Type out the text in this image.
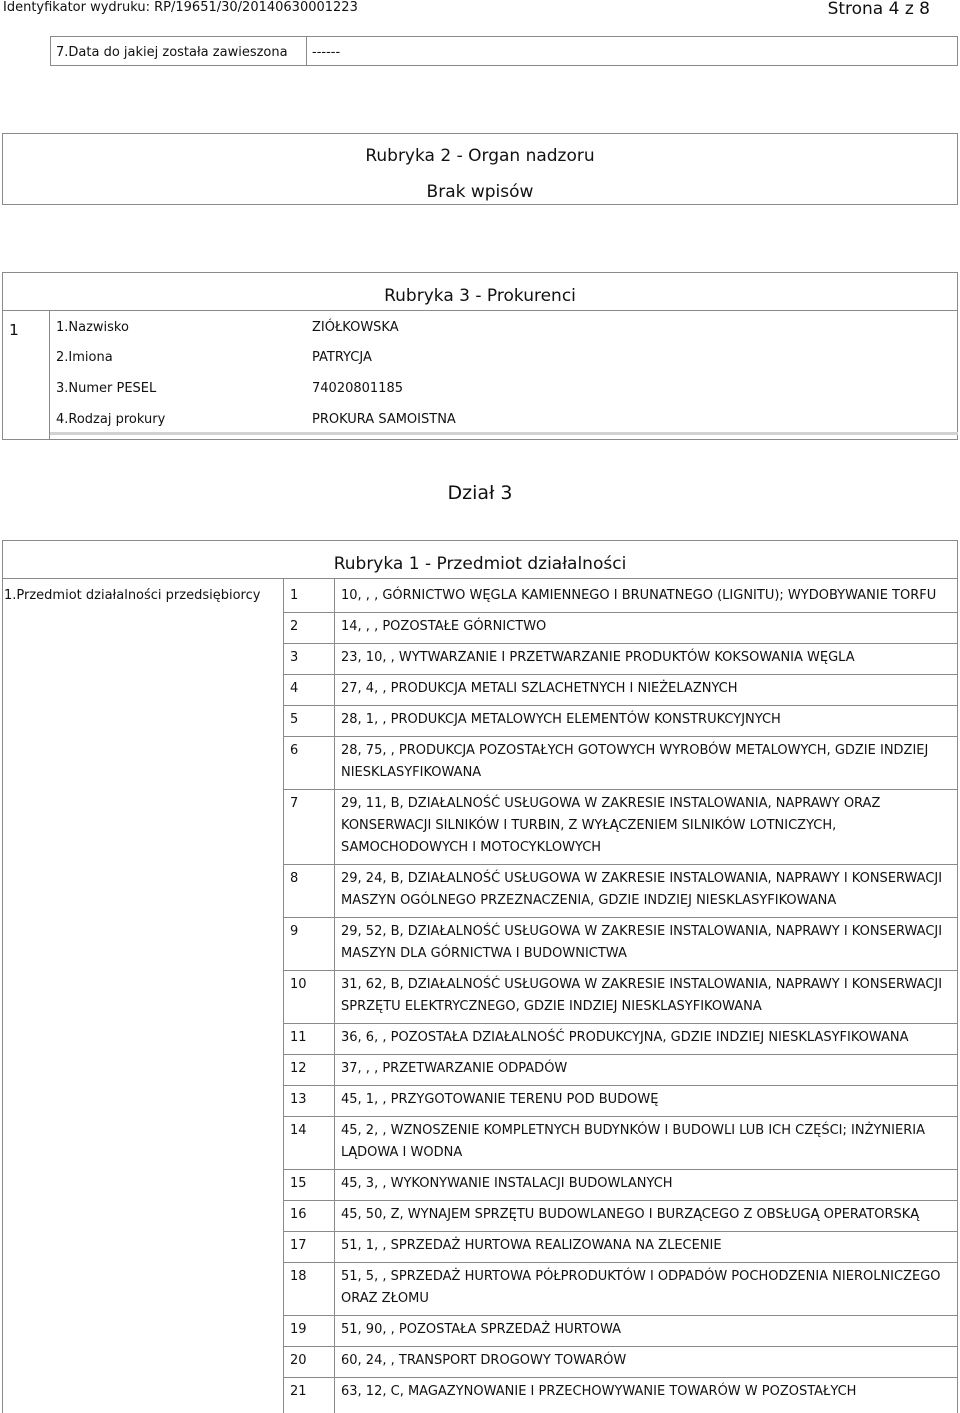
Identyfikator wydruku: RP/19651/30/20140630001223	Strona 4 z 8
7.Data do jakiej została zawieszona ------
Rubryka 2 - Organ nadzoru
Brak wpisów
Rubryka 3 - Prokurenci
1	1.Nazwisko	ZIÓŁKOWSKA
2.Imiona	PATRYCJA
3.Numer PESEL	74020801185
4.Rodzaj prokury	PROKURA SAMOISTNA
Dział 3
Rubryka 1 - Przedmiot działalności
1.Przedmiot działalności przedsiębiorcy 1	10, , , GÓRNICTWO WĘGLA KAMIENNEGO I BRUNATNEGO (LIGNITU); WYDOBYWANIE TORFU
2	14, , , POZOSTAŁE GÓRNICTWO
3	23, 10, , WYTWARZANIE I PRZETWARZANIE PRODUKTÓW KOKSOWANIA WĘGLA
4	27, 4, , PRODUKCJA METALI SZLACHETNYCH I NIEŻELAZNYCH
5	28, 1, , PRODUKCJA METALOWYCH ELEMENTÓW KONSTRUKCYJNYCH
6	28, 75, , PRODUKCJA POZOSTAŁYCH GOTOWYCH WYROBÓW METALOWYCH, GDZIE INDZIEJ
NIESKLASYFIKOWANA
7	29, 11, B, DZIAŁALNOŚĆ USŁUGOWA W ZAKRESIE INSTALOWANIA, NAPRAWY ORAZ
KONSERWACJI SILNIKÓW I TURBIN, Z WYŁĄCZENIEM SILNIKÓW LOTNICZYCH,
SAMOCHODOWYCH I MOTOCYKLOWYCH
8	29, 24, B, DZIAŁALNOŚĆ USŁUGOWA W ZAKRESIE INSTALOWANIA, NAPRAWY I KONSERWACJI
MASZYN OGÓLNEGO PRZEZNACZENIA, GDZIE INDZIEJ NIESKLASYFIKOWANA
9	29, 52, B, DZIAŁALNOŚĆ USŁUGOWA W ZAKRESIE INSTALOWANIA, NAPRAWY I KONSERWACJI
MASZYN DLA GÓRNICTWA I BUDOWNICTWA
10	31, 62, B, DZIAŁALNOŚĆ USŁUGOWA W ZAKRESIE INSTALOWANIA, NAPRAWY I KONSERWACJI
SPRZĘTU ELEKTRYCZNEGO, GDZIE INDZIEJ NIESKLASYFIKOWANA
11	36, 6, , POZOSTAŁA DZIAŁALNOŚĆ PRODUKCYJNA, GDZIE INDZIEJ NIESKLASYFIKOWANA
12	37, , , PRZETWARZANIE ODPADÓW
13	45, 1, , PRZYGOTOWANIE TERENU POD BUDOWĘ
14	45, 2, , WZNOSZENIE KOMPLETNYCH BUDYNKÓW I BUDOWLI LUB ICH CZĘŚCI; INŻYNIERIA
LĄDOWA I WODNA
15	45, 3, , WYKONYWANIE INSTALACJI BUDOWLANYCH
16	45, 50, Z, WYNAJEM SPRZĘTU BUDOWLANEGO I BURZĄCEGO Z OBSŁUGĄ OPERATORSKĄ
17	51, 1, , SPRZEDAŻ HURTOWA REALIZOWANA NA ZLECENIE
18	51, 5, , SPRZEDAŻ HURTOWA PÓŁPRODUKTÓW I ODPADÓW POCHODZENIA NIEROLNICZEGO
ORAZ ZŁOMU
19	51, 90, , POZOSTAŁA SPRZEDAŻ HURTOWA
20	60, 24, , TRANSPORT DROGOWY TOWARÓW
21	63, 12, C, MAGAZYNOWANIE I PRZECHOWYWANIE TOWARÓW W POZOSTAŁYCH
